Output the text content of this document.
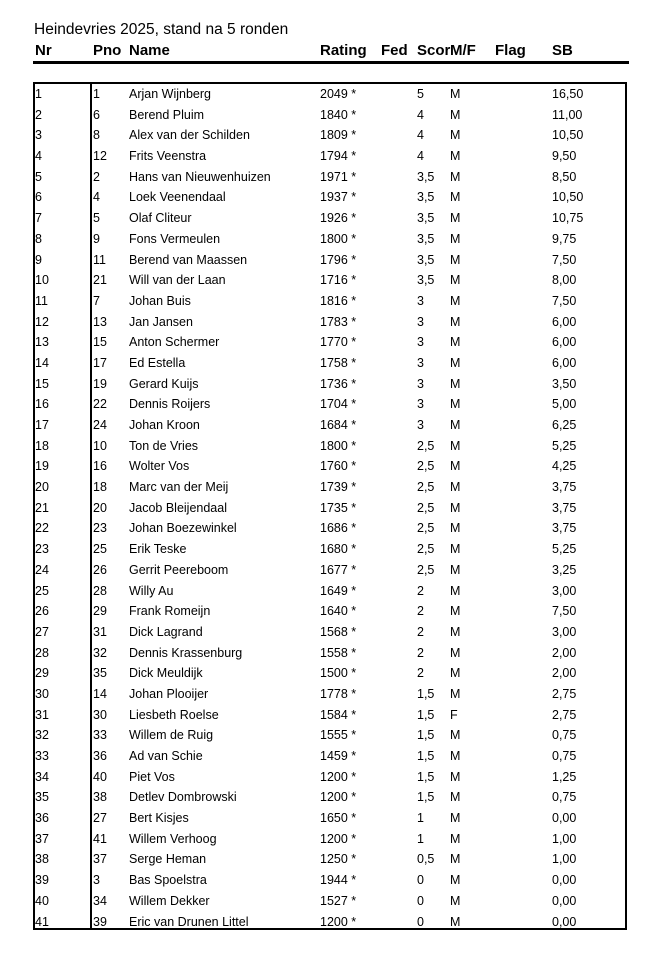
Heindevries 2025, stand na 5 ronden
Nr	Pno Name	Rating Fed Scor M/F Flag SB
1	1 Arjan Wijnberg	2049 *	5 M	16,50
2	6 Berend Pluim	1840 *	4 M	11,00
3	8 Alex van der Schilden	1809 *	4 M	10,50
4	12 Frits Veenstra	1794 *	4 M	9,50
5	2 Hans van Nieuwenhuizen	1971 *	3,5 M	8,50
6	4 Loek Veenendaal	1937 *	3,5 M	10,50
7	5 Olaf Cliteur	1926 *	3,5 M	10,75
8	9 Fons Vermeulen	1800 *	3,5 M	9,75
9	11 Berend van Maassen	1796 *	3,5 M	7,50
10	21 Will van der Laan	1716 *	3,5 M	8,00
11	7 Johan Buis	1816 *	3 M	7,50
12	13 Jan Jansen	1783 *	3 M	6,00
13	15 Anton Schermer	1770 *	3 M	6,00
14	17 Ed Estella	1758 *	3 M	6,00
15	19 Gerard Kuijs	1736 *	3 M	3,50
16	22 Dennis Roijers	1704 *	3 M	5,00
17	24 Johan Kroon	1684 *	3 M	6,25
18	10 Ton de Vries	1800 *	2,5 M	5,25
19	16 Wolter Vos	1760 *	2,5 M	4,25
20	18 Marc van der Meij	1739 *	2,5 M	3,75
21	20 Jacob Bleijendaal	1735 *	2,5 M	3,75
22	23 Johan Boezewinkel	1686 *	2,5 M	3,75
23	25 Erik Teske	1680 *	2,5 M	5,25
24	26 Gerrit Peereboom	1677 *	2,5 M	3,25
25	28 Willy Au	1649 *	2 M	3,00
26	29 Frank Romeijn	1640 *	2 M	7,50
27	31 Dick Lagrand	1568 *	2 M	3,00
28	32 Dennis Krassenburg	1558 *	2 M	2,00
29	35 Dick Meuldijk	1500 *	2 M	2,00
30	14 Johan Plooijer	1778 *	1,5 M	2,75
31	30 Liesbeth Roelse	1584 *	1,5 F	2,75
32	33 Willem de Ruig	1555 *	1,5 M	0,75
33	36 Ad van Schie	1459 *	1,5 M	0,75
34	40 Piet Vos	1200 *	1,5 M	1,25
35	38 Detlev Dombrowski	1200 *	1,5 M	0,75
36	27 Bert Kisjes	1650 *	1 M	0,00
37	41 Willem Verhoog	1200 *	1 M	1,00
38	37 Serge Heman	1250 *	0,5 M	1,00
39	3 Bas Spoelstra	1944 *	0 M	0,00
40	34 Willem Dekker	1527 *	0 M	0,00
41	39 Eric van Drunen Littel	1200 *	0 M	0,00
